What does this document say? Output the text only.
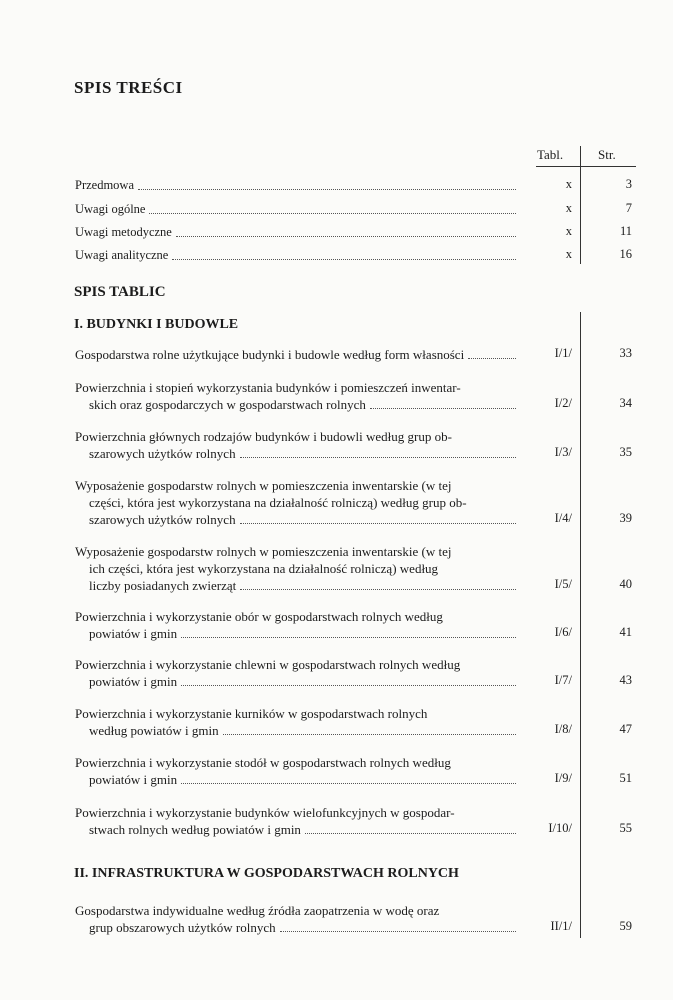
SPIS TREŚCI
Tabl.	Str.
Przedmowa	x	3
Uwagi ogólne	x	7
Uwagi metodyczne	x	11
Uwagi analityczne	x	16
SPIS TABLIC
I. BUDYNKI I BUDOWLE
Gospodarstwa rolne użytkujące budynki i budowle według form własności	I/1/	33
Powierzchnia i stopień wykorzystania budynków i pomieszczeń inwentar-
skich oraz gospodarczych w gospodarstwach rolnych	I/2/	34
Powierzchnia głównych rodzajów budynków i budowli według grup ob-
szarowych użytków rolnych	I/3/	35
Wyposażenie gospodarstw rolnych w pomieszczenia inwentarskie (w tej
części, która jest wykorzystana na działalność rolniczą) według grup ob-
szarowych użytków rolnych	I/4/	39
Wyposażenie gospodarstw rolnych w pomieszczenia inwentarskie (w tej
ich części, która jest wykorzystana na działalność rolniczą) według
liczby posiadanych zwierząt	I/5/	40
Powierzchnia i wykorzystanie obór w gospodarstwach rolnych według
powiatów i gmin	I/6/	41
Powierzchnia i wykorzystanie chlewni w gospodarstwach rolnych według
powiatów i gmin	I/7/	43
Powierzchnia i wykorzystanie kurników w gospodarstwach rolnych
według powiatów i gmin	I/8/	47
Powierzchnia i wykorzystanie stodół w gospodarstwach rolnych według
powiatów i gmin	I/9/	51
Powierzchnia i wykorzystanie budynków wielofunkcyjnych w gospodar-
stwach rolnych według powiatów i gmin	I/10/	55
II. INFRASTRUKTURA W GOSPODARSTWACH ROLNYCH
Gospodarstwa indywidualne według źródła zaopatrzenia w wodę oraz
grup obszarowych użytków rolnych	II/1/	59
